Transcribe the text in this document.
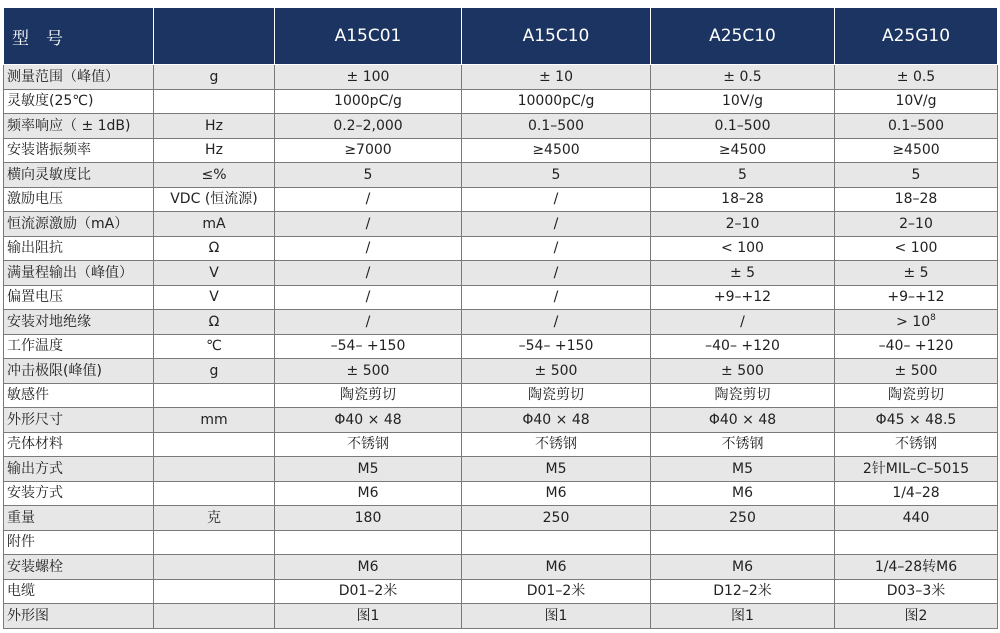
型　号		A15C01	A15C10	A25C10	A25G10
测量范围（峰值）	g	± 100	± 10	± 0.5	± 0.5
灵敏度(25℃)		1000pC/g	10000pC/g	10V/g	10V/g
频率响应（ ± 1dB)	Hz	0.2–2,000	0.1–500	0.1–500	0.1–500
安装谐振频率	Hz	≥7000	≥4500	≥4500	≥4500
横向灵敏度比	≤%	5	5	5	5
激励电压	VDC (恒流源)	/	/	18–28	18–28
恒流源激励（mA）	mA	/	/	2–10	2–10
输出阻抗	Ω	/	/	< 100	< 100
满量程输出（峰值）	V	/	/	± 5	± 5
偏置电压	V	/	/	+9–+12	+9–+12
安装对地绝缘	Ω	/	/	/	> $10^8$
工作温度	℃	–54– +150	–54– +150	–40– +120	–40– +120
冲击极限(峰值)	g	± 500	± 500	± 500	± 500
敏感件		陶瓷剪切	陶瓷剪切	陶瓷剪切	陶瓷剪切
外形尺寸	mm	Φ40 × 48	Φ40 × 48	Φ40 × 48	Φ45 × 48.5
壳体材料		不锈钢	不锈钢	不锈钢	不锈钢
输出方式		M5	M5	M5	2针MIL–C–5015
安装方式		M6	M6	M6	1/4–28
重量	克	180	250	250	440
附件					
安装螺栓		M6	M6	M6	1/4–28转M6
电缆		D01–2米	D01–2米	D12–2米	D03–3米
外形图		图1	图1	图1	图2
